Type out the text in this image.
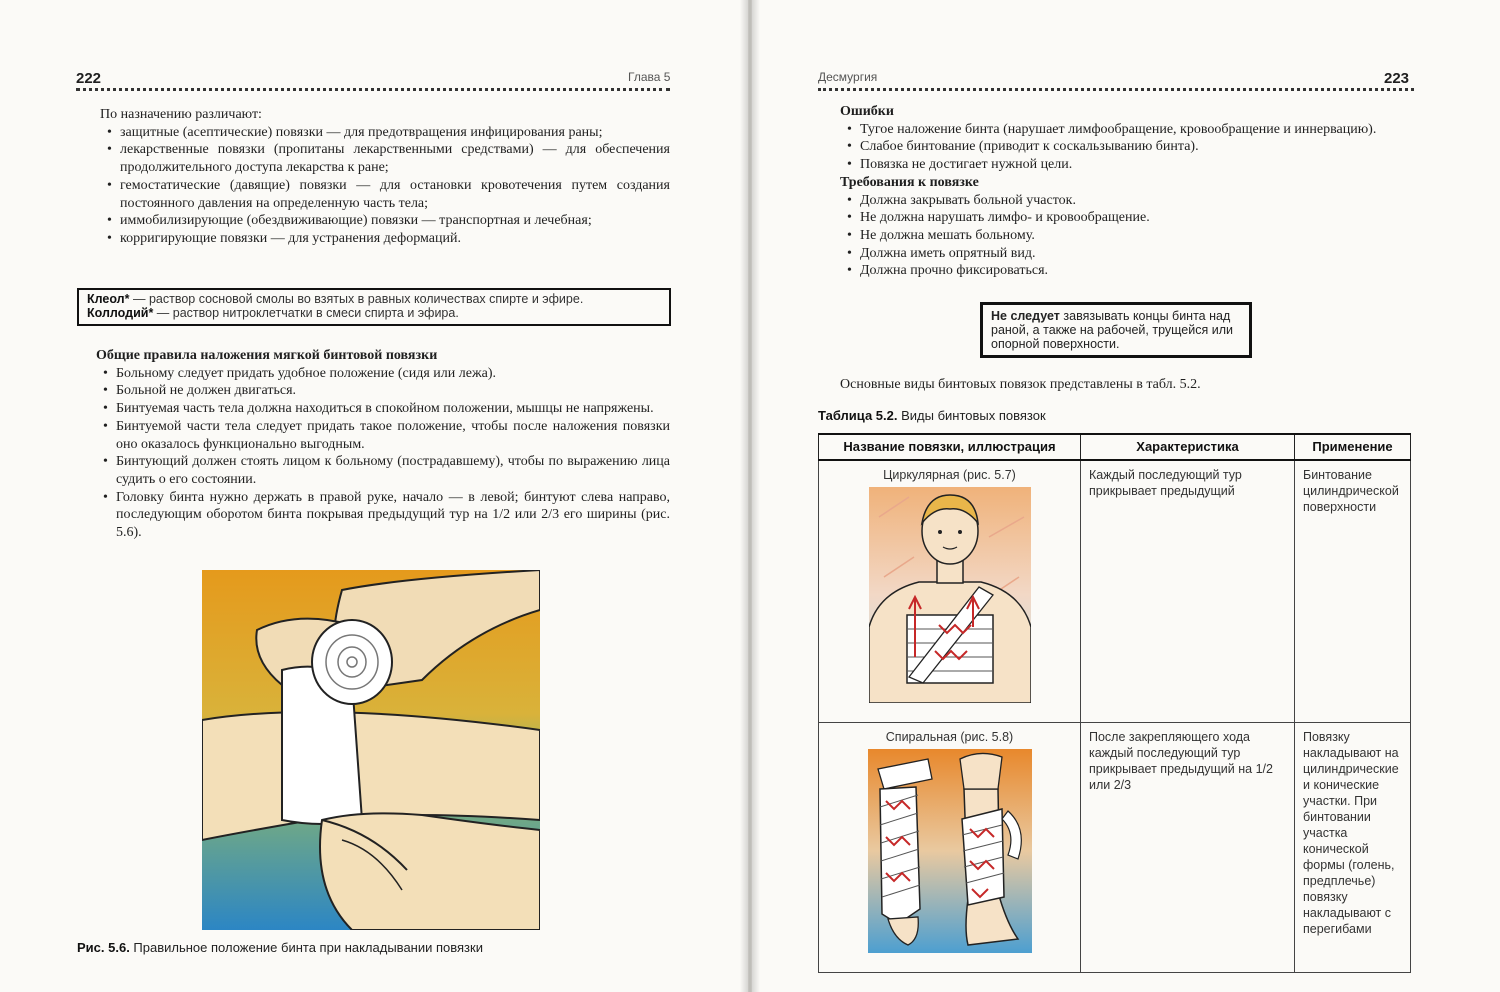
222	Глава 5

По назначению различают:

• защитные (асептические) повязки — для предотвращения инфицирования раны;
• лекарственные повязки (пропитаны лекарственными средствами) — для обеспечения продолжительного доступа лекарства к ране;
• гемостатические (давящие) повязки — для остановки кровотечения путем создания постоянного давления на определенную часть тела;
• иммобилизирующие (обездвиживающие) повязки — транспортная и лечебная;
• корригирующие повязки — для устранения деформаций.
Клеол* — раствор сосновой смолы во взятых в равных количествах спирте и эфире.
Коллодий* — раствор нитроклетчатки в смеси спирта и эфира.

Общие правила наложения мягкой бинтовой повязки

• Больному следует придать удобное положение (сидя или лежа).
• Больной не должен двигаться.
• Бинтуемая часть тела должна находиться в спокойном положении, мышцы не напряжены.
• Бинтуемой части тела следует придать такое положение, чтобы после наложения повязки оно оказалось функционально выгодным.
• Бинтующий должен стоять лицом к больному (пострадавшему), чтобы по выражению лица судить о его состоянии.
• Головку бинта нужно держать в правой руке, начало — в левой; бинтуют слева направо, последующим оборотом бинта покрывая предыдущий тур на 1/2 или 2/3 его ширины (рис. 5.6).
Рис. 5.6. Правильное положение бинта при накладывании повязки
Десмургия	223

Ошибки

• Тугое наложение бинта (нарушает лимфообращение, кровообращение и иннервацию).
• Слабое бинтование (приводит к соскальзыванию бинта).
• Повязка не достигает нужной цели.

Требования к повязке

• Должна закрывать больной участок.
• Не должна нарушать лимфо- и кровообращение.
• Не должна мешать больному.
• Должна иметь опрятный вид.
• Должна прочно фиксироваться.

Основные виды бинтовых повязок представлены в табл. 5.2.

Таблица 5.2. Виды бинтовых повязок
Не следует завязывать концы бинта над раной, а также на рабочей, трущейся или опорной поверхности.
Название повязки, иллюстрация	Характеристика	Применение

Циркулярная (рис. 5.7)	Каждый последующий тур прикрывает предыдущий	Бинтование цилиндрической поверхности

Спиральная (рис. 5.8)	После закрепляющего хода каждый последующий тур прикрывает предыдущий на 1/2 или 2/3	Повязку накладывают на цилиндрические и конические участки. При бинтовании участка конической формы (голень, предплечье) повязку накладывают с перегибами
